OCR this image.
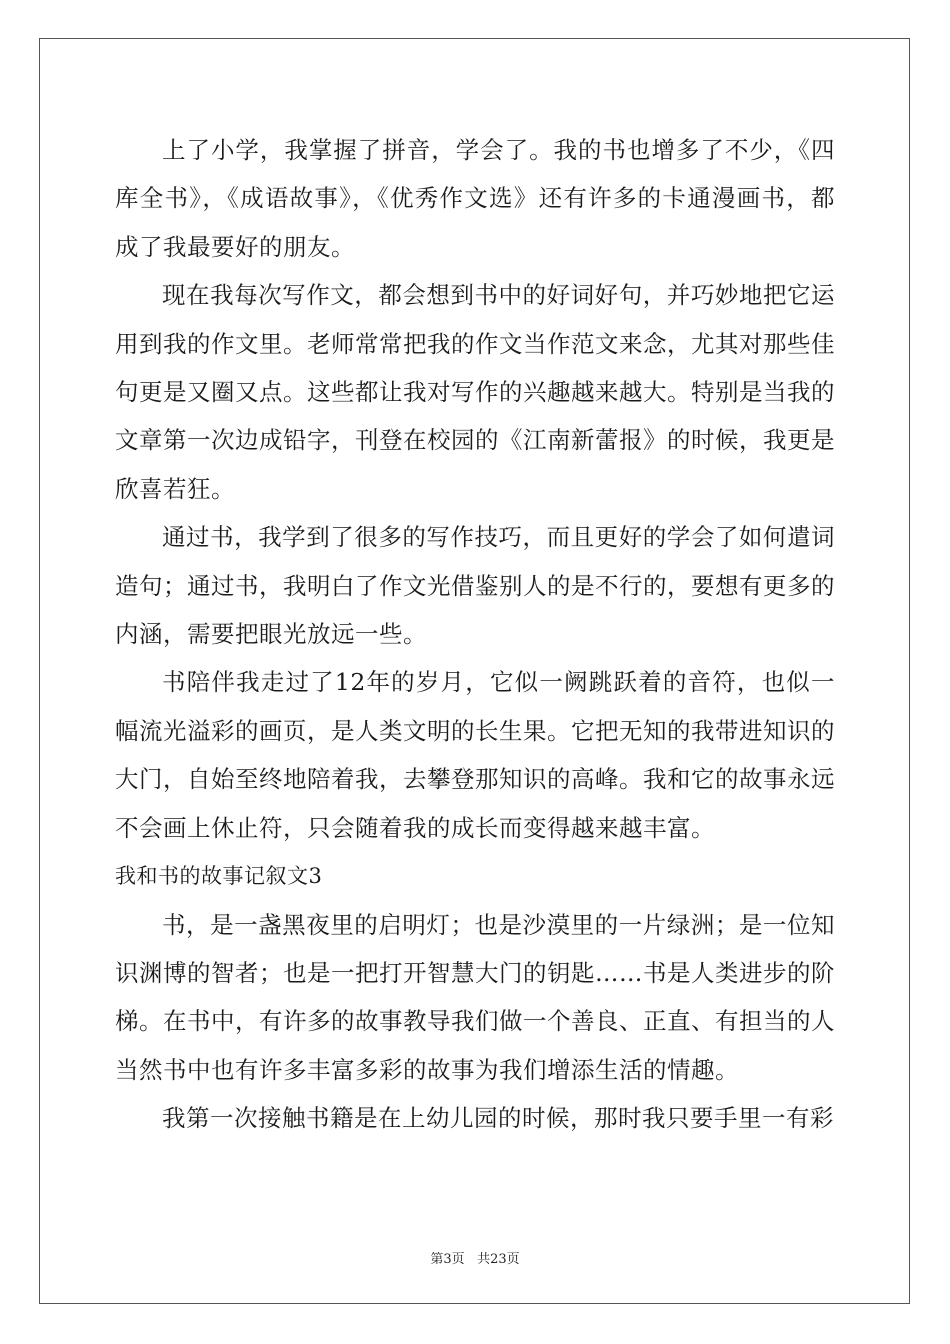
上了小学，我掌握了拼音，学会了。我的书也增多了不少，《四库全书》，《成语故事》，《优秀作文选》还有许多的卡通漫画书，都成了我最要好的朋友。

现在我每次写作文，都会想到书中的好词好句，并巧妙地把它运用到我的作文里。老师常常把我的作文当作范文来念，尤其对那些佳句更是又圈又点。这些都让我对写作的兴趣越来越大。特别是当我的文章第一次边成铅字，刊登在校园的《江南新蕾报》的时候，我更是欣喜若狂。

通过书，我学到了很多的写作技巧，而且更好的学会了如何遣词造句；通过书，我明白了作文光借鉴别人的是不行的，要想有更多的内涵，需要把眼光放远一些。

书陪伴我走过了12年的岁月，它似一阙跳跃着的音符，也似一幅流光溢彩的画页，是人类文明的长生果。它把无知的我带进知识的大门，自始至终地陪着我，去攀登那知识的高峰。我和它的故事永远不会画上休止符，只会随着我的成长而变得越来越丰富。

我和书的故事记叙文3

书，是一盏黑夜里的启明灯；也是沙漠里的一片绿洲；是一位知识渊博的智者；也是一把打开智慧大门的钥匙……书是人类进步的阶梯。在书中，有许多的故事教导我们做一个善良、正直、有担当的人当然书中也有许多丰富多彩的故事为我们增添生活的情趣。

我第一次接触书籍是在上幼儿园的时候，那时我只要手里一有彩

第3页 共23页
